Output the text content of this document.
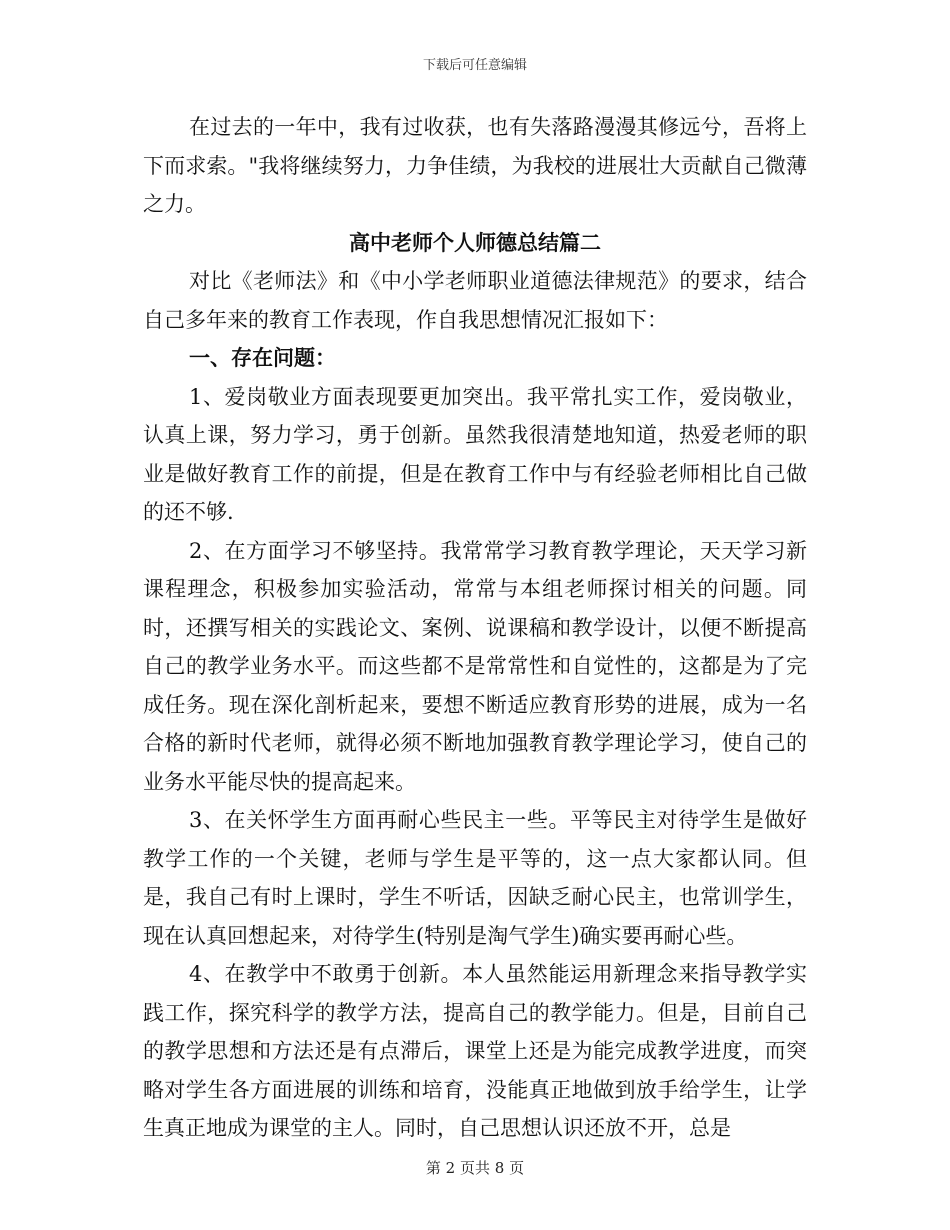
下载后可任意编辑

在过去的一年中，我有过收获，也有失落路漫漫其修远兮，吾将上下而求索。"我将继续努力，力争佳绩，为我校的进展壮大贡献自己微薄之力。

高中老师个人师德总结篇二

对比《老师法》和《中小学老师职业道德法律规范》的要求，结合自己多年来的教育工作表现，作自我思想情况汇报如下：

一、存在问题：

1、爱岗敬业方面表现要更加突出。我平常扎实工作，爱岗敬业，认真上课，努力学习，勇于创新。虽然我很清楚地知道，热爱老师的职业是做好教育工作的前提，但是在教育工作中与有经验老师相比自己做的还不够.

2、在方面学习不够坚持。我常常学习教育教学理论，天天学习新课程理念，积极参加实验活动，常常与本组老师探讨相关的问题。同时，还撰写相关的实践论文、案例、说课稿和教学设计，以便不断提高自己的教学业务水平。而这些都不是常常性和自觉性的，这都是为了完成任务。现在深化剖析起来，要想不断适应教育形势的进展，成为一名合格的新时代老师，就得必须不断地加强教育教学理论学习，使自己的业务水平能尽快的提高起来。

3、在关怀学生方面再耐心些民主一些。平等民主对待学生是做好教学工作的一个关键，老师与学生是平等的，这一点大家都认同。但是，我自己有时上课时，学生不听话，因缺乏耐心民主，也常训学生，现在认真回想起来，对待学生(特别是淘气学生)确实要再耐心些。

4、在教学中不敢勇于创新。本人虽然能运用新理念来指导教学实践工作，探究科学的教学方法，提高自己的教学能力。但是，目前自己的教学思想和方法还是有点滞后，课堂上还是为能完成教学进度，而突略对学生各方面进展的训练和培育，没能真正地做到放手给学生，让学生真正地成为课堂的主人。同时，自己思想认识还放不开，总是

第 2 页共 8 页
